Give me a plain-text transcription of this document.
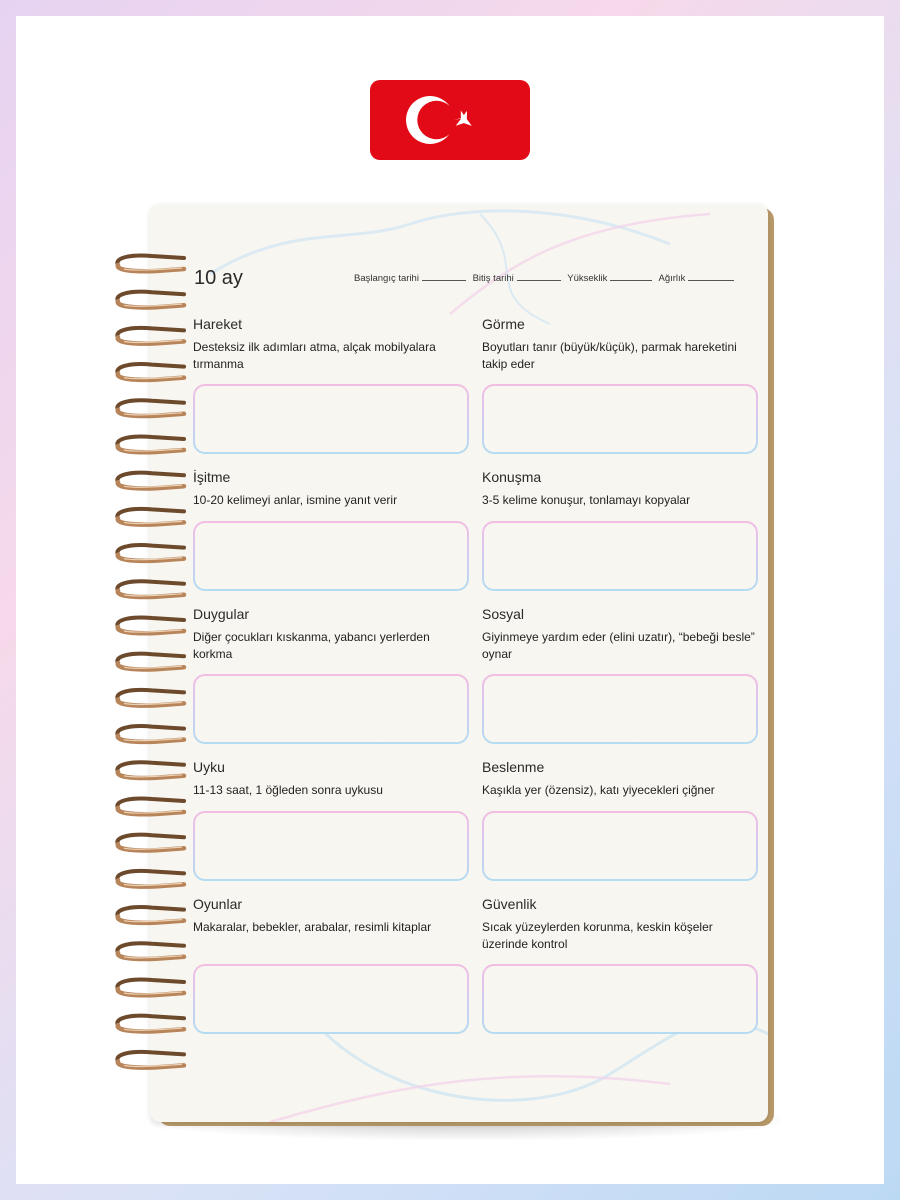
10 ay	Başlangıç tarihi	Bitiş tarihi	Yükseklik	Ağırlık
Hareket
Desteksiz ilk adımları atma, alçak mobilyalara tırmanma
Görme
Boyutları tanır (büyük/küçük), parmak hareketini takip eder
İşitme
10-20 kelimeyi anlar, ismine yanıt verir
Konuşma
3-5 kelime konuşur, tonlamayı kopyalar
Duygular
Diğer çocukları kıskanma, yabancı yerlerden korkma
Sosyal
Giyinmeye yardım eder (elini uzatır), “bebeği besle” oynar
Uyku
11-13 saat, 1 öğleden sonra uykusu
Beslenme
Kaşıkla yer (özensiz), katı yiyecekleri çiğner
Oyunlar
Makaralar, bebekler, arabalar, resimli kitaplar
Güvenlik
Sıcak yüzeylerden korunma, keskin köşeler üzerinde kontrol
